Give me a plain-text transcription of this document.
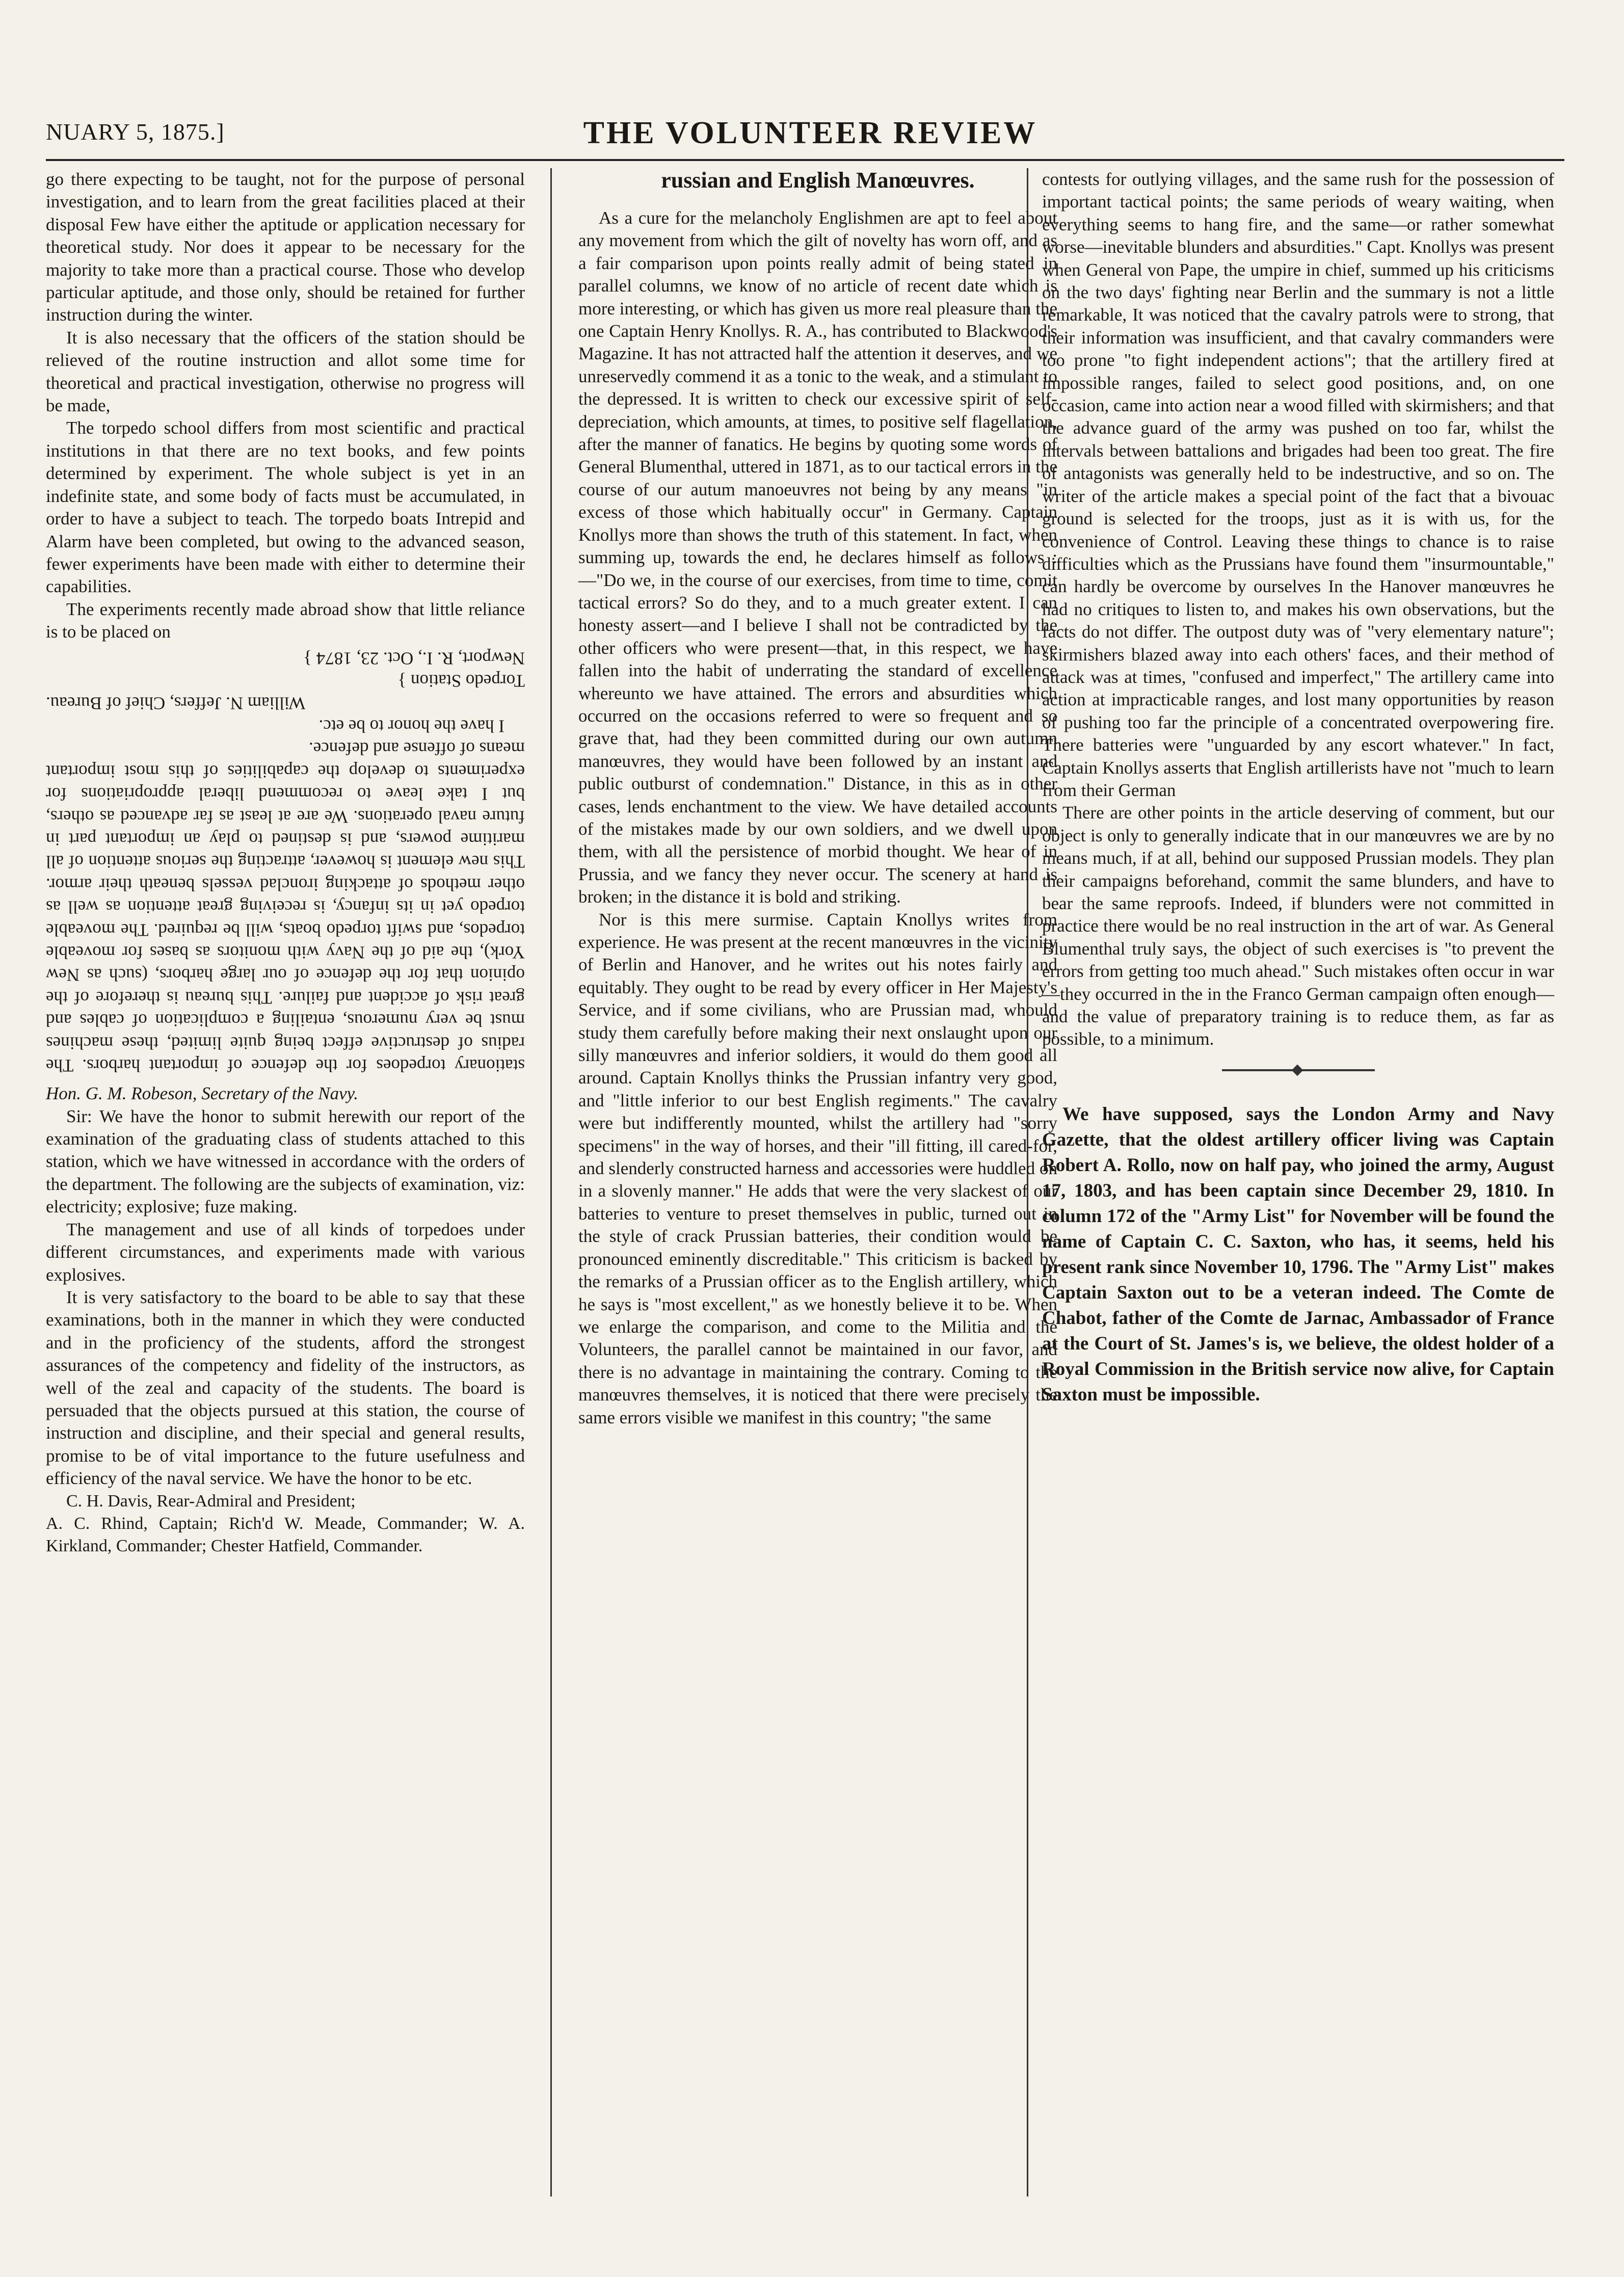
NUARY 5, 1875.]	THE VOLUNTEER REVIEW

go there expecting to be taught, not for the purpose of personal investigation, and to learn from the great facilities placed at their disposal Few have either the aptitude or application necessary for theoretical study. Nor does it appear to be necessary for the majority to take more than a practical course. Those who develop particular aptitude, and those only, should be retained for further instruction during the winter.

It is also necessary that the officers of the station should be relieved of the routine instruction and allot some time for theoretical and practical investigation, otherwise no progress will be made,

The torpedo school differs from most scientific and practical institutions in that there are no text books, and few points determined by experiment. The whole subject is yet in an indefinite state, and some body of facts must be accumulated, in order to have a subject to teach. The torpedo boats Intrepid and Alarm have been completed, but owing to the advanced season, fewer experiments have been made with either to determine their capabilities.

The experiments recently made abroad show that little reliance is to be placed on

stationary torpedoes for the defence of important harbors. The radius of destructive effect being quite limited, these machines must be very numerous, entailing a complication of cables and great risk of accident and failure. This bureau is therefore of the opinion that for the defence of our large harbors, (such as New York), the aid of the Navy with monitors as bases for moveable torpedos, and swift torpedo boats, will be required. The moveable torpedo yet in its infancy, is receiving great attention as well as other methods of attacking ironclad vessels beneath their armor. This new element is however, attracting the serious attention of all maritime powers, and is destined to play an important part in future naval operations. We are at least as far advanced as others, but I take leave to recommend liberal appropriations for experiments to develop the capabilities of this most important means of offense and defence.

I have the honor to be etc.

William N. Jeffers, Chief of Bureau.

Torpedo Station }

Newport, R. I., Oct. 23, 1874 }

Hon. G. M. Robeson, Secretary of the Navy.

Sir: We have the honor to submit herewith our report of the examination of the graduating class of students attached to this station, which we have witnessed in accordance with the orders of the department. The following are the subjects of examination, viz: electricity; explosive; fuze making.

The management and use of all kinds of torpedoes under different circumstances, and experiments made with various explosives.

It is very satisfactory to the board to be able to say that these examinations, both in the manner in which they were conducted and in the proficiency of the students, afford the strongest assurances of the competency and fidelity of the instructors, as well of the zeal and capacity of the students. The board is persuaded that the objects pursued at this station, the course of instruction and discipline, and their special and general results, promise to be of vital importance to the future usefulness and efficiency of the naval service. We have the honor to be etc.

C. H. Davis, Rear-Admiral and President;

A. C. Rhind, Captain; Rich'd W. Meade, Commander; W. A. Kirkland, Commander; Chester Hatfield, Commander.

russian and English Manœuvres.

As a cure for the melancholy Englishmen are apt to feel about any movement from which the gilt of novelty has worn off, and as a fair comparison upon points really admit of being stated in parallel columns, we know of no article of recent date which is more interesting, or which has given us more real pleasure than the one Captain Henry Knollys. R. A., has contributed to Blackwood's Magazine. It has not attracted half the attention it deserves, and we unreservedly commend it as a tonic to the weak, and a stimulant to the depressed. It is written to check our excessive spirit of self-depreciation, which amounts, at times, to positive self flagellation, after the manner of fanatics. He begins by quoting some words of General Blumenthal, uttered in 1871, as to our tactical errors in the course of our autum manoeuvres not being by any means "in excess of those which habitually occur" in Germany. Captain Knollys more than shows the truth of this statement. In fact, when summing up, towards the end, he declares himself as follows :—"Do we, in the course of our exercises, from time to time, comit tactical errors? So do they, and to a much greater extent. I can honesty assert—and I believe I shall not be contradicted by the other officers who were present—that, in this respect, we have fallen into the habit of underrating the standard of excellence whereunto we have attained. The errors and absurdities which occurred on the occasions referred to were so frequent and so grave that, had they been committed during our own autumn manœuvres, they would have been followed by an instant and public outburst of condemnation." Distance, in this as in other cases, lends enchantment to the view. We have detailed accounts of the mistakes made by our own soldiers, and we dwell upon them, with all the persistence of morbid thought. We hear of in Prussia, and we fancy they never occur. The scenery at hand is broken; in the distance it is bold and striking.

Nor is this mere surmise. Captain Knollys writes from experience. He was present at the recent manœuvres in the vicinity of Berlin and Hanover, and he writes out his notes fairly and equitably. They ought to be read by every officer in Her Majesty's Service, and if some civilians, who are Prussian mad, whould study them carefully before making their next onslaught upon our silly manœuvres and inferior soldiers, it would do them good all around. Captain Knollys thinks the Prussian infantry very good, and "little inferior to our best English regiments." The cavalry were but indifferently mounted, whilst the artillery had "sorry specimens" in the way of horses, and their "ill fitting, ill cared-for, and slenderly constructed harness and accessories were huddled on in a slovenly manner." He adds that were the very slackest of our batteries to venture to preset themselves in public, turned out in the style of crack Prussian batteries, their condition would be pronounced eminently discreditable." This criticism is backed by the remarks of a Prussian officer as to the English artillery, which he says is "most excellent," as we honestly believe it to be. When we enlarge the comparison, and come to the Militia and the Volunteers, the parallel cannot be maintained in our favor, and there is no advantage in maintaining the contrary. Coming to the manœuvres themselves, it is noticed that there were precisely the same errors visible we manifest in this country; "the same

contests for outlying villages, and the same rush for the possession of important tactical points; the same periods of weary waiting, when everything seems to hang fire, and the same—or rather somewhat worse—inevitable blunders and absurdities." Capt. Knollys was present when General von Pape, the umpire in chief, summed up his criticisms on the two days' fighting near Berlin and the summary is not a little remarkable, It was noticed that the cavalry patrols were to strong, that their information was insufficient, and that cavalry commanders were too prone "to fight independent actions"; that the artillery fired at impossible ranges, failed to select good positions, and, on one occasion, came into action near a wood filled with skirmishers; and that the advance guard of the army was pushed on too far, whilst the intervals between battalions and brigades had been too great. The fire of antagonists was generally held to be indestructive, and so on. The writer of the article makes a special point of the fact that a bivouac ground is selected for the troops, just as it is with us, for the convenience of Control. Leaving these things to chance is to raise difficulties which as the Prussians have found them "insurmountable," can hardly be overcome by ourselves In the Hanover manœuvres he had no critiques to listen to, and makes his own observations, but the facts do not differ. The outpost duty was of "very elementary nature"; skirmishers blazed away into each others' faces, and their method of attack was at times, "confused and imperfect," The artillery came into action at impracticable ranges, and lost many opportunities by reason of pushing too far the principle of a concentrated overpowering fire. There batteries were "unguarded by any escort whatever." In fact, Captain Knollys asserts that English artillerists have not "much to learn from their German

There are other points in the article deserving of comment, but our object is only to generally indicate that in our manœuvres we are by no means much, if at all, behind our supposed Prussian models. They plan their campaigns beforehand, commit the same blunders, and have to bear the same reproofs. Indeed, if blunders were not committed in practice there would be no real instruction in the art of war. As General Blumenthal truly says, the object of such exercises is "to prevent the errors from getting too much ahead." Such mistakes often occur in war—they occurred in the in the Franco German campaign often enough—and the value of preparatory training is to reduce them, as far as possible, to a minimum.

We have supposed, says the London Army and Navy Gazette, that the oldest artillery officer living was Captain Robert A. Rollo, now on half pay, who joined the army, August 17, 1803, and has been captain since December 29, 1810. In column 172 of the "Army List" for November will be found the name of Captain C. C. Saxton, who has, it seems, held his present rank since November 10, 1796. The "Army List" makes Captain Saxton out to be a veteran indeed. The Comte de Chabot, father of the Comte de Jarnac, Ambassador of France at the Court of St. James's is, we believe, the oldest holder of a Royal Commission in the British service now alive, for Captain Saxton must be impossible.
